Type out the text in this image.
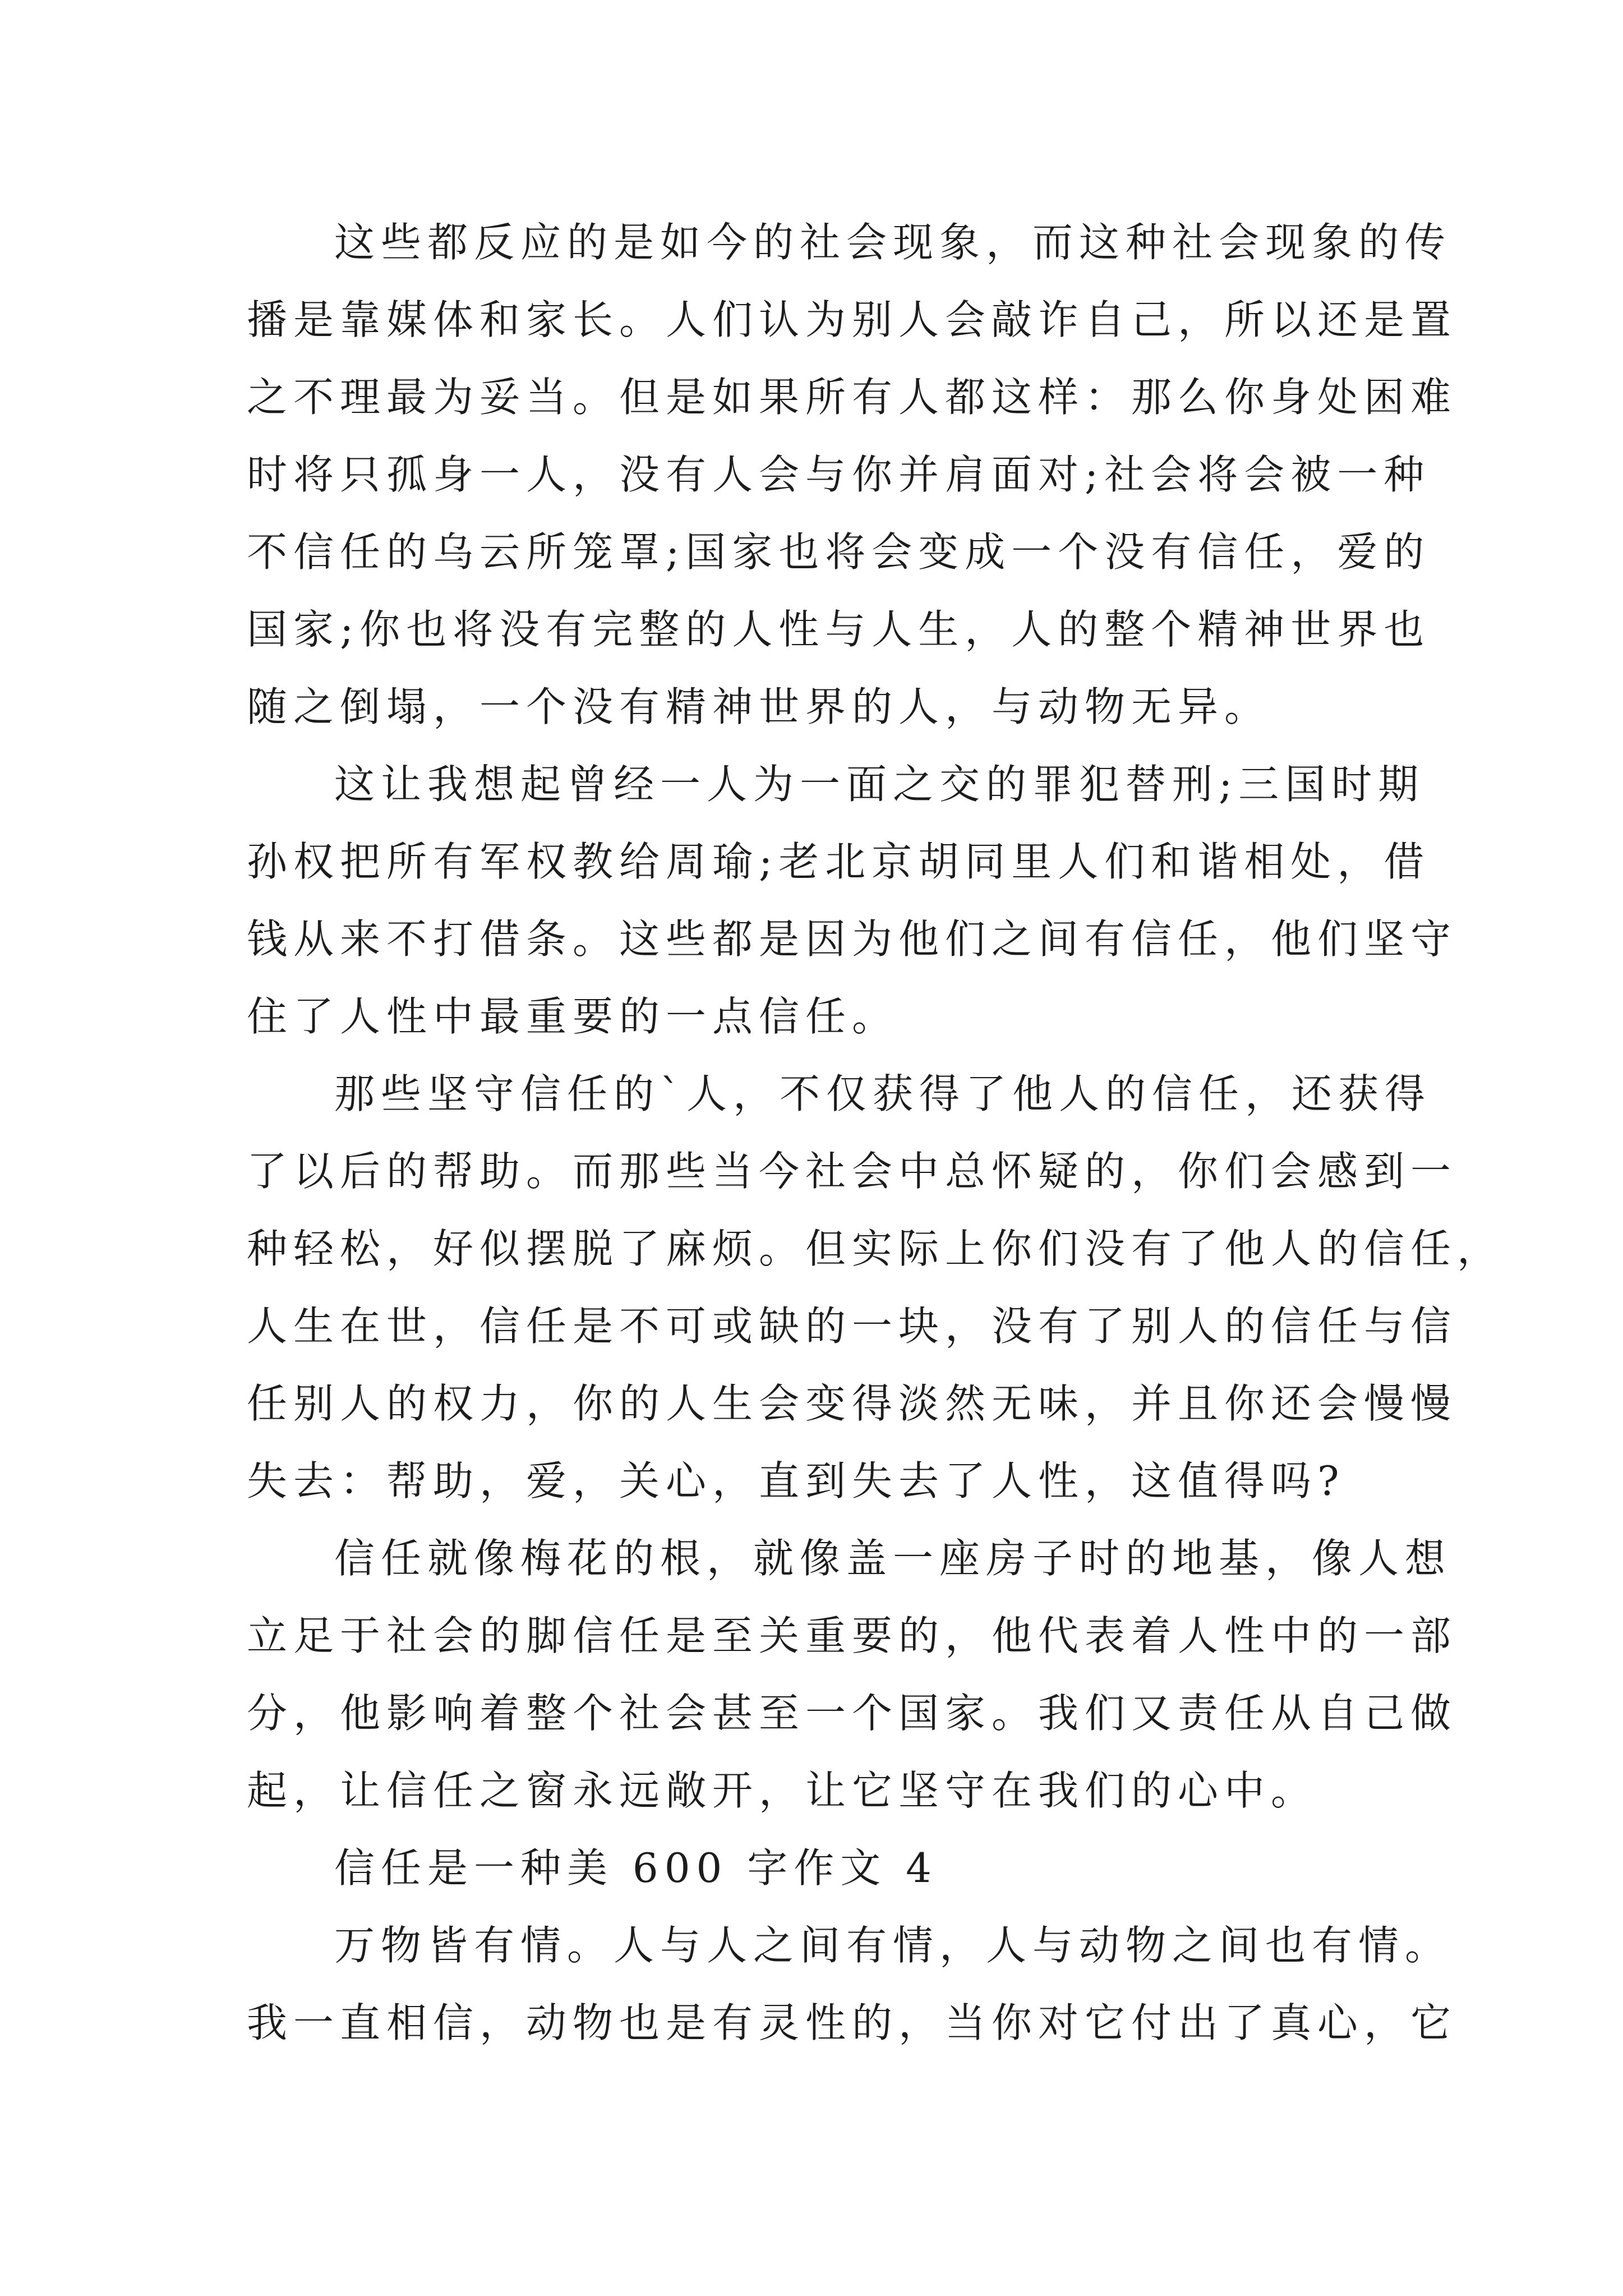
这些都反应的是如今的社会现象，而这种社会现象的传
播是靠媒体和家长。人们认为别人会敲诈自己，所以还是置
之不理最为妥当。但是如果所有人都这样：那么你身处困难
时将只孤身一人，没有人会与你并肩面对;社会将会被一种
不信任的乌云所笼罩;国家也将会变成一个没有信任，爱的
国家;你也将没有完整的人性与人生，人的整个精神世界也
随之倒塌，一个没有精神世界的人，与动物无异。
这让我想起曾经一人为一面之交的罪犯替刑;三国时期
孙权把所有军权教给周瑜;老北京胡同里人们和谐相处，借
钱从来不打借条。这些都是因为他们之间有信任，他们坚守
住了人性中最重要的一点信任。
那些坚守信任的`人，不仅获得了他人的信任，还获得
了以后的帮助。而那些当今社会中总怀疑的，你们会感到一
种轻松，好似摆脱了麻烦。但实际上你们没有了他人的信任，
人生在世，信任是不可或缺的一块，没有了别人的信任与信
任别人的权力，你的人生会变得淡然无味，并且你还会慢慢
失去：帮助，爱，关心，直到失去了人性，这值得吗?
信任就像梅花的根，就像盖一座房子时的地基，像人想
立足于社会的脚信任是至关重要的，他代表着人性中的一部
分，他影响着整个社会甚至一个国家。我们又责任从自己做
起，让信任之窗永远敞开，让它坚守在我们的心中。
信任是一种美 600 字作文 4
万物皆有情。人与人之间有情，人与动物之间也有情。
我一直相信，动物也是有灵性的，当你对它付出了真心，它
